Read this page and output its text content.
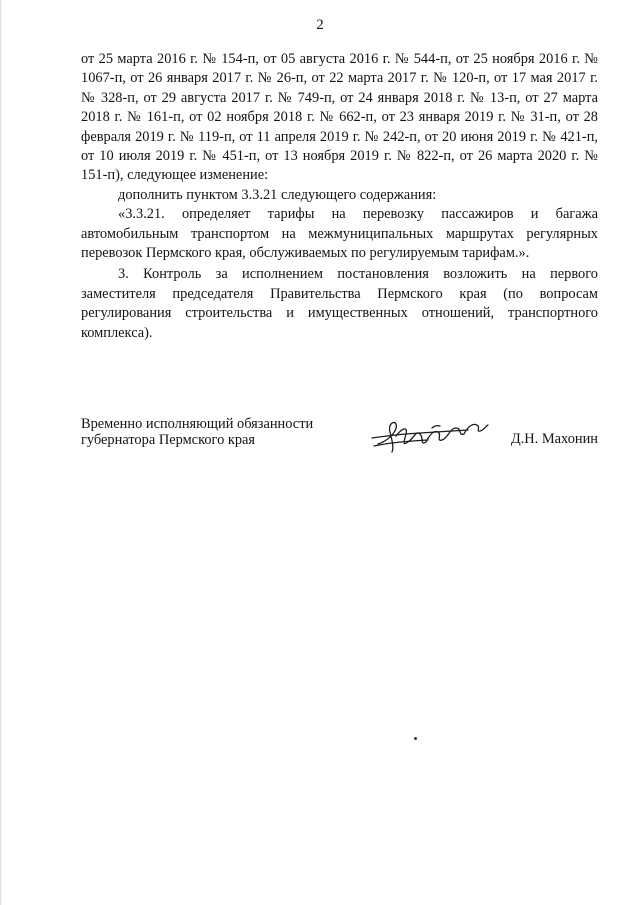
2

от 25 марта 2016 г. № 154-п, от 05 августа 2016 г. № 544-п, от 25 ноября 2016 г. № 1067-п, от 26 января 2017 г. № 26-п, от 22 марта 2017 г. № 120-п, от 17 мая 2017 г. № 328-п, от 29 августа 2017 г. № 749-п, от 24 января 2018 г. № 13-п, от 27 марта 2018 г. № 161-п, от 02 ноября 2018 г. № 662-п, от 23 января 2019 г. № 31-п, от 28 февраля 2019 г. № 119-п, от 11 апреля 2019 г. № 242-п, от 20 июня 2019 г. № 421-п, от 10 июля 2019 г. № 451-п, от 13 ноября 2019 г. № 822-п, от 26 марта 2020 г. № 151-п), следующее изменение:

дополнить пунктом 3.3.21 следующего содержания:

«3.3.21. определяет тарифы на перевозку пассажиров и багажа автомобильным транспортом на межмуниципальных маршрутах регулярных перевозок Пермского края, обслуживаемых по регулируемым тарифам.».

3. Контроль за исполнением постановления возложить на первого заместителя председателя Правительства Пермского края (по вопросам регулирования строительства и имущественных отношений, транспортного комплекса).

Временно исполняющий обязанности
губернатора Пермского края	Д.Н. Махонин
